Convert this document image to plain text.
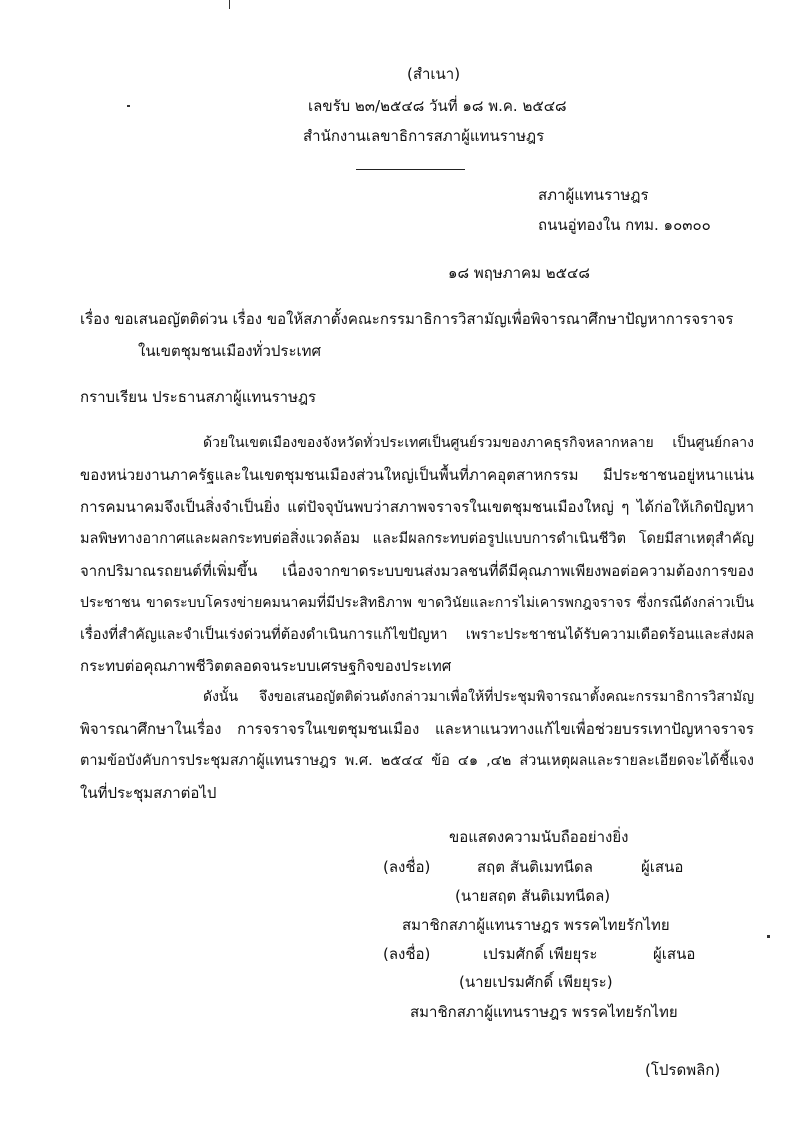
(สำเนา)
เลขรับ ๒๓/๒๕๔๘ วันที่ ๑๘ พ.ค. ๒๕๔๘
สำนักงานเลขาธิการสภาผู้แทนราษฎร
สภาผู้แทนราษฎร
ถนนอู่ทองใน กทม. ๑๐๓๐๐
๑๘ พฤษภาคม ๒๕๔๘
เรื่อง ขอเสนอญัตติด่วน เรื่อง ขอให้สภาตั้งคณะกรรมาธิการวิสามัญเพื่อพิจารณาศึกษาปัญหาการจราจร
ในเขตชุมชนเมืองทั่วประเทศ
กราบเรียน ประธานสภาผู้แทนราษฎร
ด้วยในเขตเมืองของจังหวัดทั่วประเทศเป็นศูนย์รวมของภาคธุรกิจหลากหลาย เป็นศูนย์กลาง
ของหน่วยงานภาครัฐและในเขตชุมชนเมืองส่วนใหญ่เป็นพื้นที่ภาคอุตสาหกรรม มีประชาชนอยู่หนาแน่น
การคมนาคมจึงเป็นสิ่งจำเป็นยิ่ง แต่ปัจจุบันพบว่าสภาพจราจรในเขตชุมชนเมืองใหญ่ ๆ ได้ก่อให้เกิดปัญหา
มลพิษทางอากาศและผลกระทบต่อสิ่งแวดล้อม และมีผลกระทบต่อรูปแบบการดำเนินชีวิต โดยมีสาเหตุสำคัญ
จากปริมาณรถยนต์ที่เพิ่มขึ้น เนื่องจากขาดระบบขนส่งมวลชนที่ดีมีคุณภาพเพียงพอต่อความต้องการของ
ประชาชน ขาดระบบโครงข่ายคมนาคมที่มีประสิทธิภาพ ขาดวินัยและการไม่เคารพกฎจราจร ซึ่งกรณีดังกล่าวเป็น
เรื่องที่สำคัญและจำเป็นเร่งด่วนที่ต้องดำเนินการแก้ไขปัญหา เพราะประชาชนได้รับความเดือดร้อนและส่งผล
กระทบต่อคุณภาพชีวิตตลอดจนระบบเศรษฐกิจของประเทศ
ดังนั้น จึงขอเสนอญัตติด่วนดังกล่าวมาเพื่อให้ที่ประชุมพิจารณาตั้งคณะกรรมาธิการวิสามัญ
พิจารณาศึกษาในเรื่อง การจราจรในเขตชุมชนเมือง และหาแนวทางแก้ไขเพื่อช่วยบรรเทาปัญหาจราจร
ตามข้อบังคับการประชุมสภาผู้แทนราษฎร พ.ศ. ๒๕๔๔ ข้อ ๔๑ ,๔๒ ส่วนเหตุผลและรายละเอียดจะได้ชี้แจง
ในที่ประชุมสภาต่อไป
ขอแสดงความนับถืออย่างยิ่ง
(ลงชื่อ)	สฤต สันติเมทนีดล	ผู้เสนอ
(นายสฤต สันติเมทนีดล)
สมาชิกสภาผู้แทนราษฎร พรรคไทยรักไทย
(ลงชื่อ)	เปรมศักดิ์ เพียยุระ	ผู้เสนอ
(นายเปรมศักดิ์ เพียยุระ)
สมาชิกสภาผู้แทนราษฎร พรรคไทยรักไทย
(โปรดพลิก)
